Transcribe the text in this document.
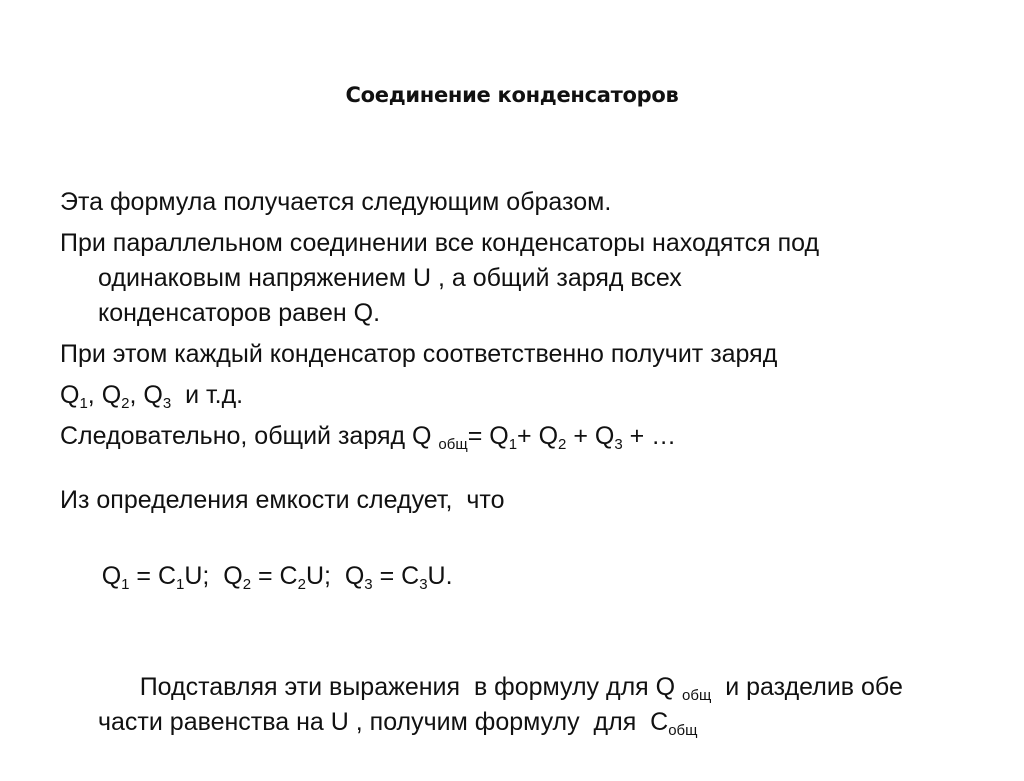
Соединение конденсаторов
Эта формула получается следующим образом.
При параллельном соединении все конденсаторы находятся под
одинаковым напряжением U , а общий заряд всех
конденсаторов равен Q.
При этом каждый конденсатор соответственно получит заряд
$Q_1$, $Q_2$, $Q_3$  и т.д.
Следовательно, общий заряд Q $_{общ}= Q_1+ Q_2 + Q_3$ + …
Из определения емкости следует,  что

$Q_1 = C_1U$;  $Q_2 = C_2U$;  $Q_3 = C_3U$.

Подставляя эти выражения  в формулу для Q $_{общ}$  и разделив обе
части равенства на U , получим формулу  для  $С_{общ}$
